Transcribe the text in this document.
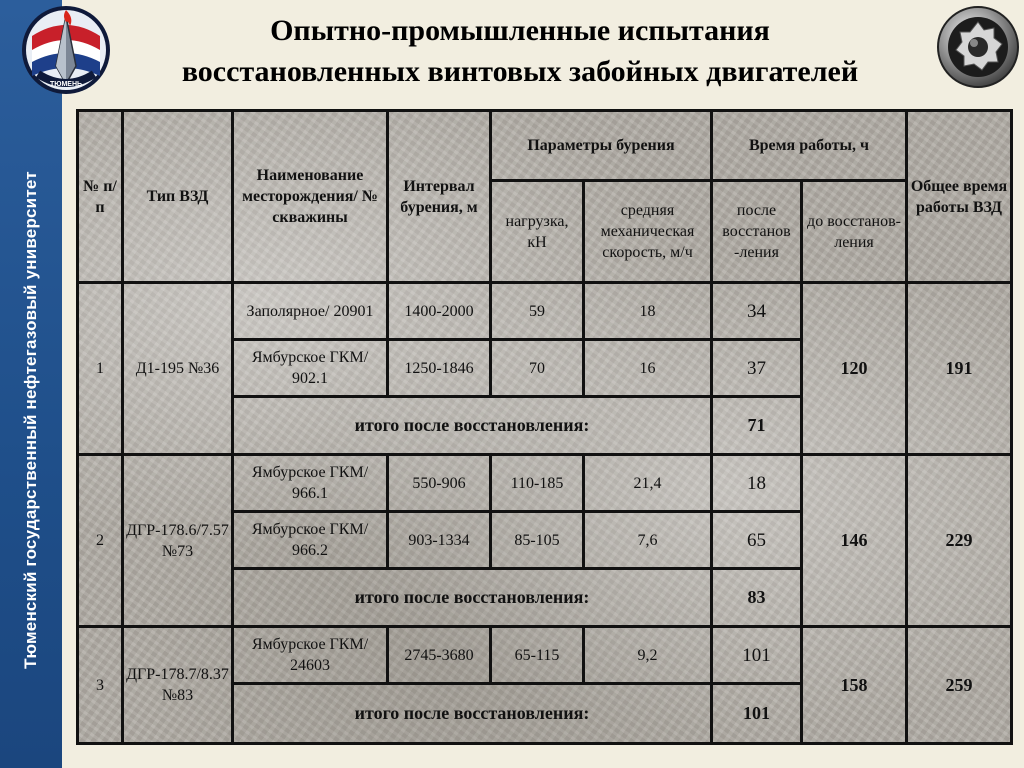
Тюменский государственный нефтегазовый университет
ТЮМЕНЬ
Опытно-промышленные испытания
восстановленных винтовых забойных двигателей
№ п/п	Тип ВЗД	Наименование месторождения/ № скважины	Интервал бурения, м	Параметры бурения		Время работы, ч		Общее время работы ВЗД
				нагрузка, кН	средняя механическая скорость, м/ч	после восстанов -ления	до восстанов- ления	
1	Д1-195 №36	Заполярное/ 20901	1400-2000	59	18	34	120	191
		Ямбурское ГКМ/ 902.1	1250-1846	70	16	37		
		итого после восстановления:				71		
2	ДГР-178.6/7.57 №73	Ямбурское ГКМ/ 966.1	550-906	110-185	21,4	18	146	229
		Ямбурское ГКМ/ 966.2	903-1334	85-105	7,6	65		
		итого после восстановления:				83		
3	ДГР-178.7/8.37 №83	Ямбурское ГКМ/ 24603	2745-3680	65-115	9,2	101	158	259
		итого после восстановления:				101		
